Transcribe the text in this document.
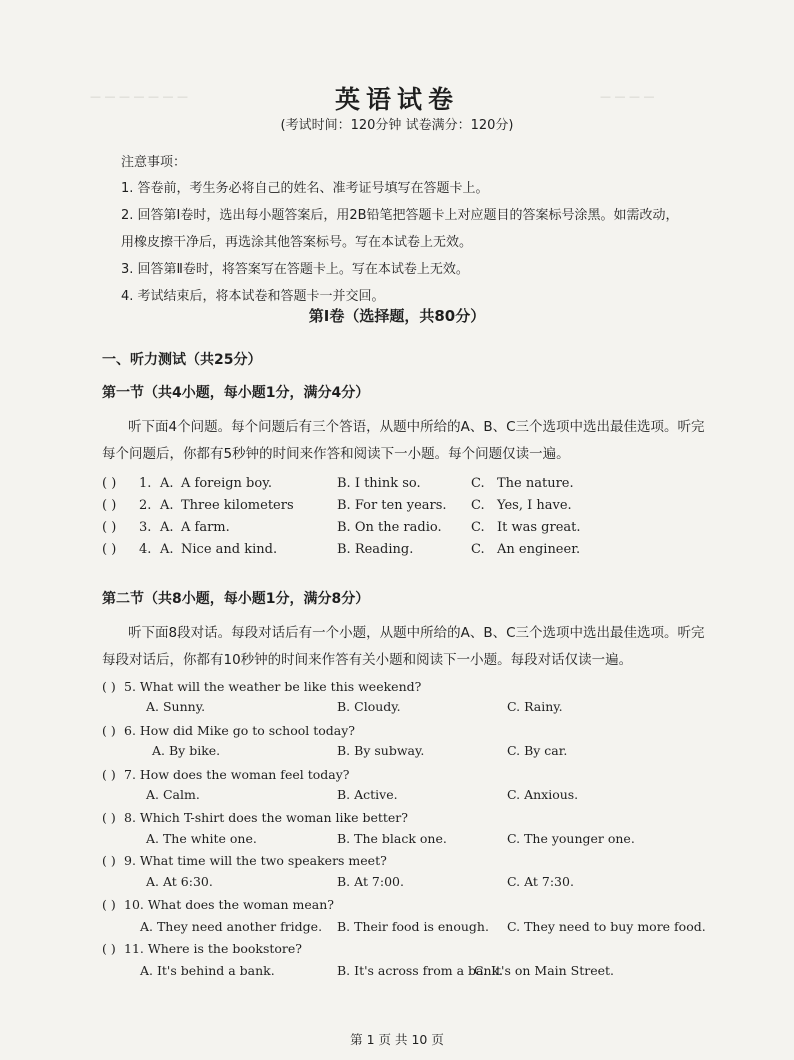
— — — — — — —	— — — —
英语试卷
(考试时间：120分钟 试卷满分：120分)
注意事项：
1. 答卷前，考生务必将自己的姓名、准考证号填写在答题卡上。
2. 回答第Ⅰ卷时，选出每小题答案后，用2B铅笔把答题卡上对应题目的答案标号涂黑。如需改动，
用橡皮擦干净后，再选涂其他答案标号。写在本试卷上无效。
3. 回答第Ⅱ卷时，将答案写在答题卡上。写在本试卷上无效。
4. 考试结束后，将本试卷和答题卡一并交回。
第Ⅰ卷（选择题，共80分）
一、听力测试（共25分）
第一节（共4小题，每小题1分，满分4分）
听下面4个问题。每个问题后有三个答语，从题中所给的A、B、C三个选项中选出最佳选项。听完
每个问题后，你都有5秒钟的时间来作答和阅读下一小题。每个问题仅读一遍。
( ) 1. A. A foreign boy.	B. I think so.	C. The nature.
( ) 2. A. Three kilometers	B. For ten years. C. Yes, I have.
( ) 3. A. A farm.	B. On the radio. C. It was great.
( ) 4. A. Nice and kind.	B. Reading.	C. An engineer.
第二节（共8小题，每小题1分，满分8分）
听下面8段对话。每段对话后有一个小题，从题中所给的A、B、C三个选项中选出最佳选项。听完
每段对话后，你都有10秒钟的时间来作答有关小题和阅读下一小题。每段对话仅读一遍。
( ) 5. What will the weather be like this weekend?
A. Sunny.	B. Cloudy.	C. Rainy.
( ) 6. How did Mike go to school today?
A. By bike.	B. By subway.	C. By car.
( ) 7. How does the woman feel today?
A. Calm.	B. Active.	C. Anxious.
( ) 8. Which T-shirt does the woman like better?
A. The white one.	B. The black one.	C. The younger one.
( ) 9. What time will the two speakers meet?
A. At 6:30.	B. At 7:00.	C. At 7:30.
( ) 10. What does the woman mean?
A. They need another fridge. B. Their food is enough. C. They need to buy more food.
( ) 11. Where is the bookstore?
A. It's behind a bank.	B. It's across from a bank.
C. It's on Main Street.
第 1 页 共 10 页
